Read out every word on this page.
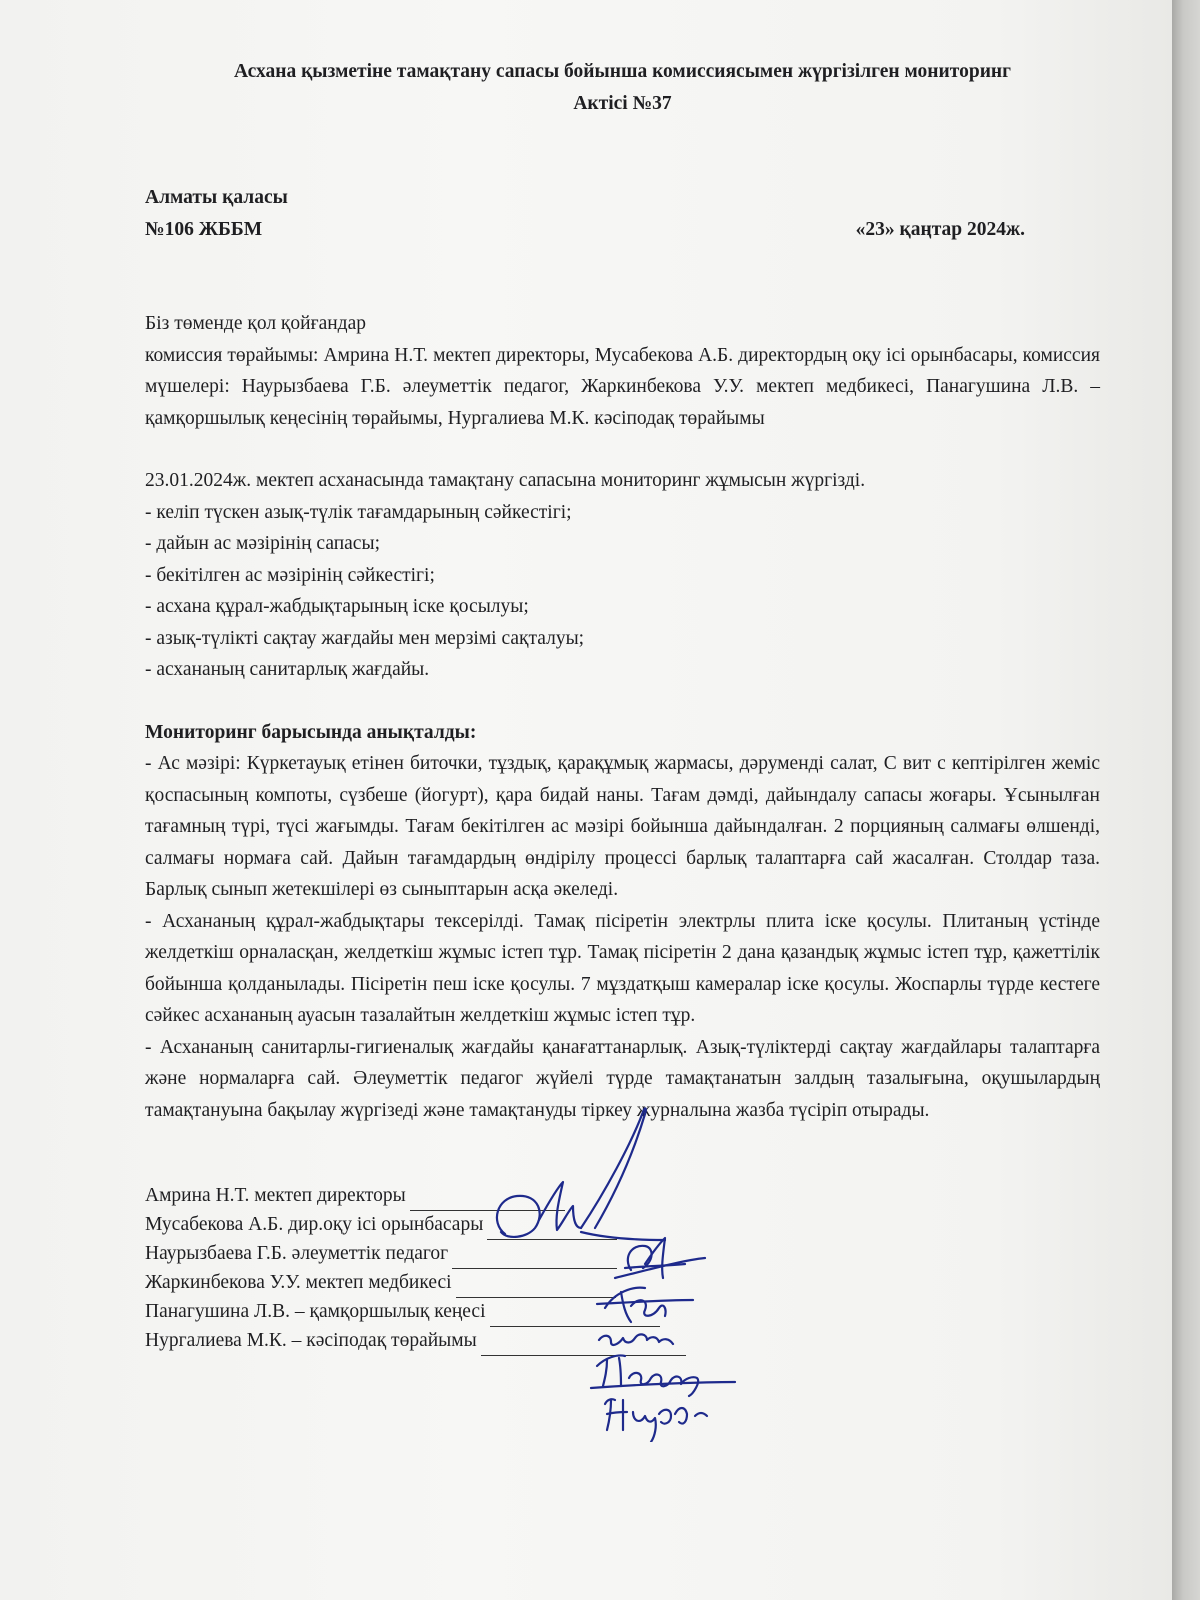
Асхана қызметіне тамақтану сапасы бойынша комиссиясымен жүргізілген мониторинг

Актісі №37

Алматы қаласы

№106 ЖББМ	«23» қаңтар 2024ж.

Біз төменде қол қойғандар

комиссия төрайымы: Амрина Н.Т. мектеп директоры, Мусабекова А.Б. директордың оқу ісі орынбасары, комиссия мүшелері: Наурызбаева Г.Б. әлеуметтік педагог, Жаркинбекова У.У. мектеп медбикесі, Панагушина Л.В. – қамқоршылық кеңесінің төрайымы, Нургалиева М.К. кәсіподақ төрайымы

23.01.2024ж. мектеп асханасында тамақтану сапасына мониторинг жұмысын жүргізді.

- келіп түскен азық-түлік тағамдарының сәйкестігі;

- дайын ас мәзірінің сапасы;

- бекітілген ас мәзірінің сәйкестігі;

- асхана құрал-жабдықтарының іске қосылуы;

- азық-түлікті сақтау жағдайы мен мерзімі сақталуы;

- асхананың санитарлық жағдайы.

Мониторинг барысында анықталды:

- Ас мәзірі: Күркетауық етінен биточки, тұздық, қарақұмық жармасы, дәруменді салат, С вит с кептірілген жеміс қоспасының компоты, сүзбеше (йогурт), қара бидай наны. Тағам дәмді, дайындалу сапасы жоғары. Ұсынылған тағамның түрі, түсі жағымды. Тағам бекітілген ас мәзірі бойынша дайындалған. 2 порцияның салмағы өлшенді, салмағы нормаға сай. Дайын тағамдардың өндірілу процессі барлық талаптарға сай жасалған. Столдар таза. Барлық сынып жетекшілері өз сыныптарын асқа әкеледі.

- Асхананың құрал-жабдықтары тексерілді. Тамақ пісіретін электрлы плита іске қосулы. Плитаның үстінде желдеткіш орналасқан, желдеткіш жұмыс істеп тұр. Тамақ пісіретін 2 дана қазандық жұмыс істеп тұр, қажеттілік бойынша қолданылады. Пісіретін пеш іске қосулы. 7 мұздатқыш камералар іске қосулы. Жоспарлы түрде кестеге сәйкес асхананың ауасын тазалайтын желдеткіш жұмыс істеп тұр.

- Асхананың санитарлы-гигиеналық жағдайы қанағаттанарлық. Азық-түліктерді сақтау жағдайлары талаптарға және нормаларға сай. Әлеуметтік педагог жүйелі түрде тамақтанатын залдың тазалығына, оқушылардың тамақтануына бақылау жүргізеді және тамақтануды тіркеу журналына жазба түсіріп отырады.

Амрина Н.Т. мектеп директоры
Мусабекова А.Б. дир.оқу ісі орынбасары
Наурызбаева Г.Б. әлеуметтік педагог
Жаркинбекова У.У. мектеп медбикесі
Панагушина Л.В. – қамқоршылық кеңесі
Нургалиева М.К. – кәсіподақ төрайымы
